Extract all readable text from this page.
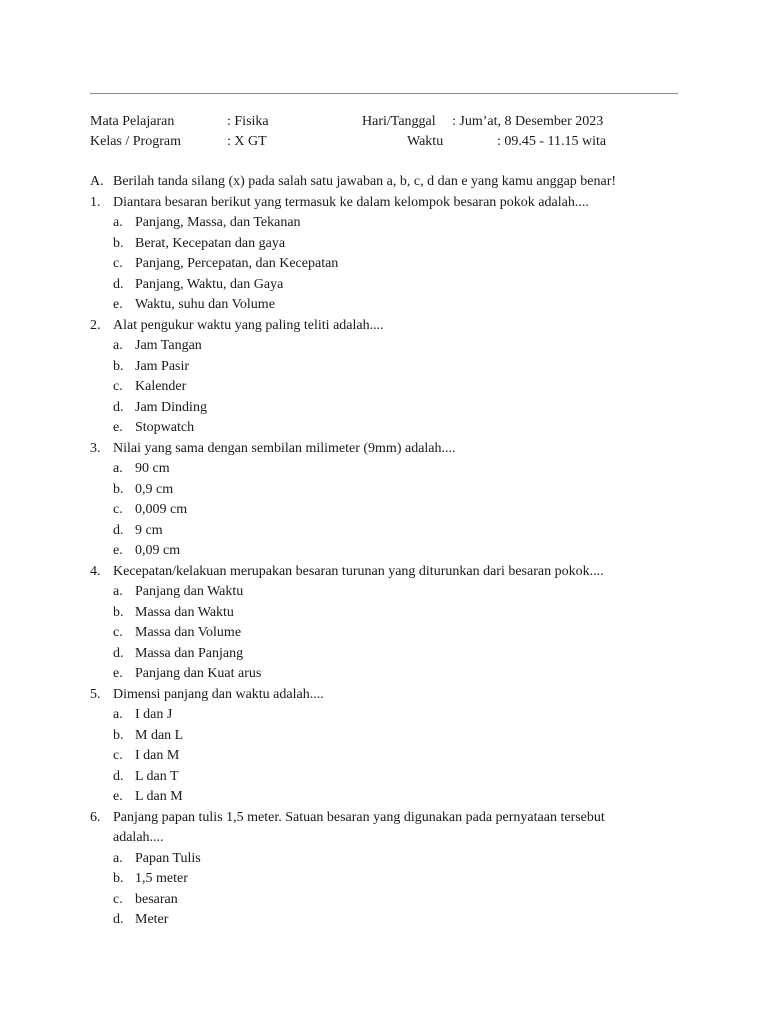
Mata Pelajaran	: Fisika	Hari/Tanggal : Jum’at, 8 Desember 2023
Kelas / Program	: X GT	Waktu	: 09.45 - 11.15 wita
A. Berilah tanda silang (x) pada salah satu jawaban a, b, c, d dan e yang kamu anggap benar!
1. Diantara besaran berikut yang termasuk ke dalam kelompok besaran pokok adalah....
a. Panjang, Massa, dan Tekanan
b. Berat, Kecepatan dan gaya
c. Panjang, Percepatan, dan Kecepatan
d. Panjang, Waktu, dan Gaya
e. Waktu, suhu dan Volume
2. Alat pengukur waktu yang paling teliti adalah....
a. Jam Tangan
b. Jam Pasir
c. Kalender
d. Jam Dinding
e. Stopwatch
3. Nilai yang sama dengan sembilan milimeter (9mm) adalah....
a. 90 cm
b. 0,9 cm
c. 0,009 cm
d. 9 cm
e. 0,09 cm
4. Kecepatan/kelakuan merupakan besaran turunan yang diturunkan dari besaran pokok....
a. Panjang dan Waktu
b. Massa dan Waktu
c. Massa dan Volume
d. Massa dan Panjang
e. Panjang dan Kuat arus
5. Dimensi panjang dan waktu adalah....
a. I dan J
b. M dan L
c. I dan M
d. L dan T
e. L dan M
6. Panjang papan tulis 1,5 meter. Satuan besaran yang digunakan pada pernyataan tersebut adalah....
a. Papan Tulis
b. 1,5 meter
c. besaran
d. Meter
